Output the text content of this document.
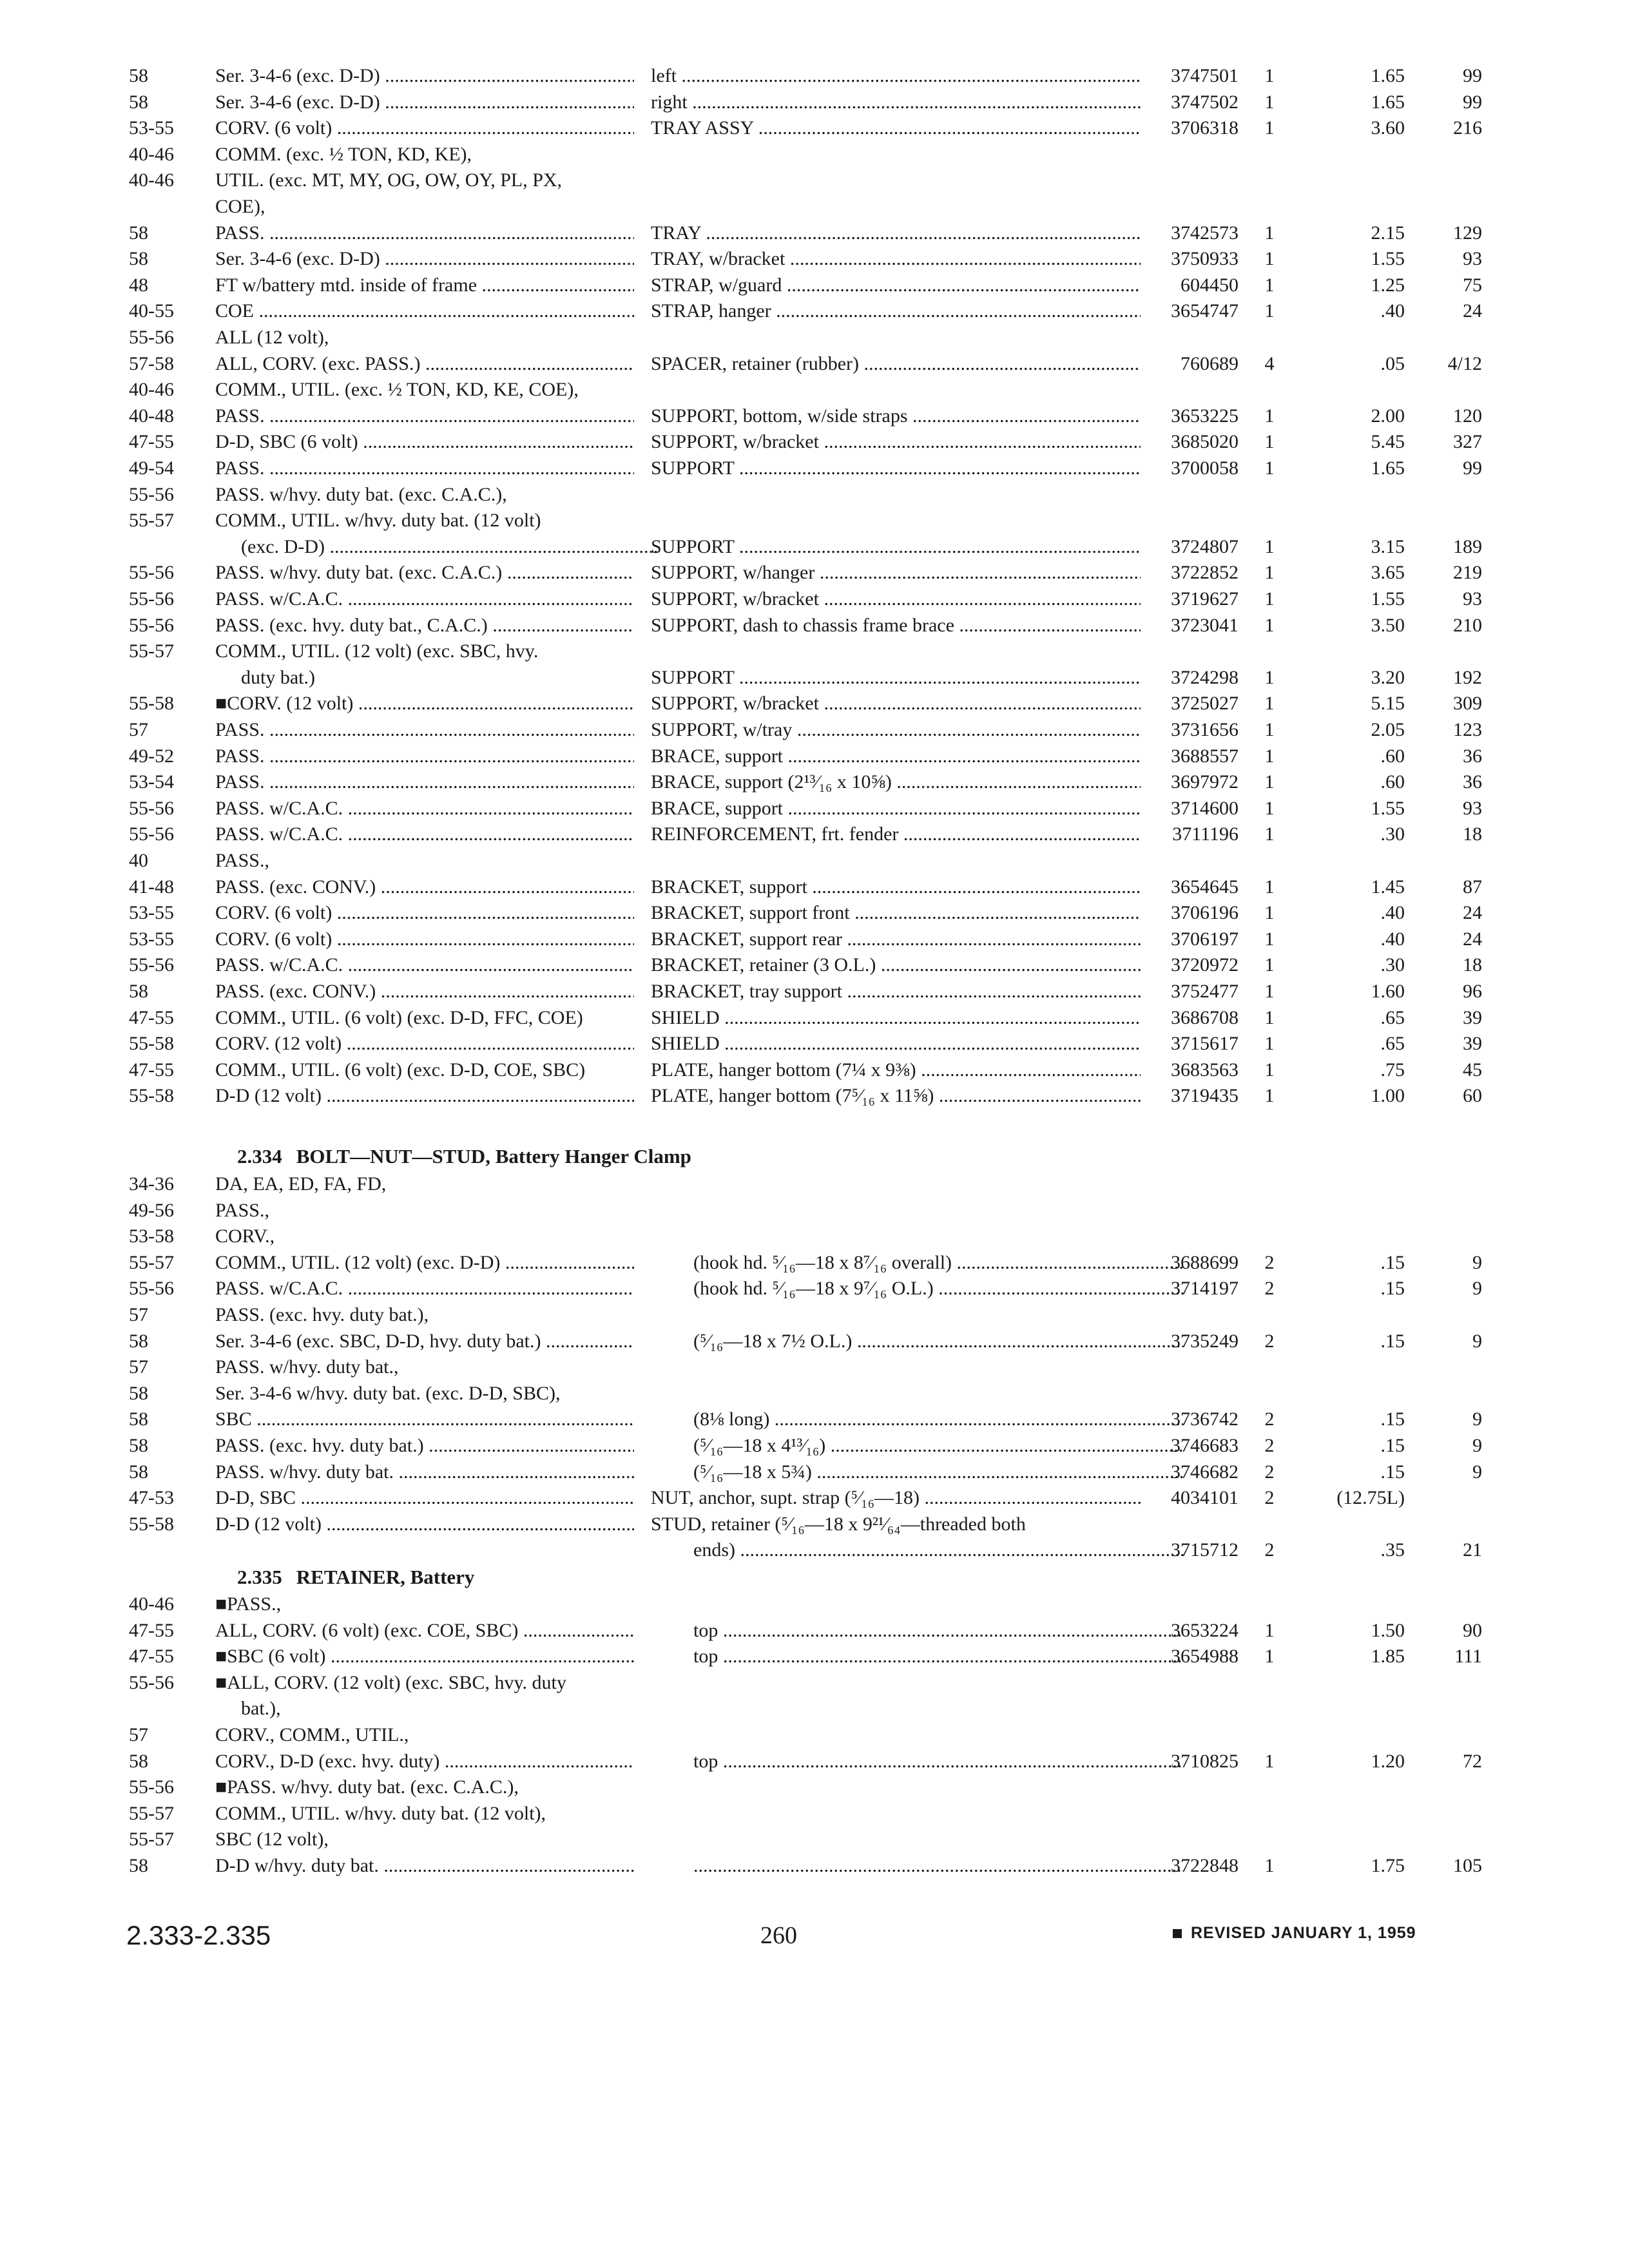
58	Ser. 3-4-6 (exc. D-D) .....	left .....	3747501	1	1.65	99
58	Ser. 3-4-6 (exc. D-D) .....	right .....	3747502	1	1.65	99
53-55	CORV. (6 volt) .....	TRAY ASSY .....	3706318	1	3.60	216
40-46	COMM. (exc. ½ TON, KD, KE),
40-46	UTIL. (exc. MT, MY, OG, OW, OY, PL, PX,
COE),
58	PASS. .....	TRAY .....	3742573	1	2.15	129
58	Ser. 3-4-6 (exc. D-D) .....	TRAY, w/bracket .....	3750933	1	1.55	93
48	FT w/battery mtd. inside of frame .....	STRAP, w/guard .....	604450	1	1.25	75
40-55	COE .....	STRAP, hanger .....	3654747	1	.40	24
55-56	ALL (12 volt),
57-58	ALL, CORV. (exc. PASS.) .....	SPACER, retainer (rubber) .....	760689	4	.05	4/12
40-46	COMM., UTIL. (exc. ½ TON, KD, KE, COE),
40-48	PASS. .....	SUPPORT, bottom, w/side straps .....	3653225	1	2.00	120
47-55	D-D, SBC (6 volt) .....	SUPPORT, w/bracket .....	3685020	1	5.45	327
49-54	PASS. .....	SUPPORT .....	3700058	1	1.65	99
55-56	PASS. w/hvy. duty bat. (exc. C.A.C.),
55-57	COMM., UTIL. w/hvy. duty bat. (12 volt)
(exc. D-D) .....	SUPPORT .....	3724807	1	3.15	189
55-56	PASS. w/hvy. duty bat. (exc. C.A.C.) .....	SUPPORT, w/hanger .....	3722852	1	3.65	219
55-56	PASS. w/C.A.C. .....	SUPPORT, w/bracket .....	3719627	1	1.55	93
55-56	PASS. (exc. hvy. duty bat., C.A.C.) .....	SUPPORT, dash to chassis frame brace .....	3723041	1	3.50	210
55-57	COMM., UTIL. (12 volt) (exc. SBC, hvy.
duty bat.)	SUPPORT .....	3724298	1	3.20	192
55-58	■CORV. (12 volt) .....	SUPPORT, w/bracket .....	3725027	1	5.15	309
57	PASS. .....	SUPPORT, w/tray .....	3731656	1	2.05	123
49-52	PASS. .....	BRACE, support .....	3688557	1	.60	36
53-54	PASS. .....	BRACE, support (2¹³⁄₁₆ x 10⅝) .....	3697972	1	.60	36
55-56	PASS. w/C.A.C. .....	BRACE, support .....	3714600	1	1.55	93
55-56	PASS. w/C.A.C. .....	REINFORCEMENT, frt. fender .....	3711196	1	.30	18
40	PASS.,
41-48	PASS. (exc. CONV.) .....	BRACKET, support .....	3654645	1	1.45	87
53-55	CORV. (6 volt) .....	BRACKET, support front .....	3706196	1	.40	24
53-55	CORV. (6 volt) .....	BRACKET, support rear .....	3706197	1	.40	24
55-56	PASS. w/C.A.C. .....	BRACKET, retainer (3 O.L.) .....	3720972	1	.30	18
58	PASS. (exc. CONV.) .....	BRACKET, tray support .....	3752477	1	1.60	96
47-55	COMM., UTIL. (6 volt) (exc. D-D, FFC, COE)	SHIELD .....	3686708	1	.65	39
55-58	CORV. (12 volt) .....	SHIELD .....	3715617	1	.65	39
47-55	COMM., UTIL. (6 volt) (exc. D-D, COE, SBC)	PLATE, hanger bottom (7¼ x 9⅜) .....	3683563	1	.75	45
55-58	D-D (12 volt) .....	PLATE, hanger bottom (7⁵⁄₁₆ x 11⅝) .....	3719435	1	1.00	60
2.334 BOLT—NUT—STUD, Battery Hanger Clamp
34-36	DA, EA, ED, FA, FD,
49-56	PASS.,
53-58	CORV.,
55-57	COMM., UTIL. (12 volt) (exc. D-D) .....	(hook hd. ⁵⁄₁₆—18 x 8⁷⁄₁₆ overall) .....	3688699	2	.15	9
55-56	PASS. w/C.A.C. .....	(hook hd. ⁵⁄₁₆—18 x 9⁷⁄₁₆ O.L.) .....	3714197	2	.15	9
57	PASS. (exc. hvy. duty bat.),
58	Ser. 3-4-6 (exc. SBC, D-D, hvy. duty bat.) .....	(⁵⁄₁₆—18 x 7½ O.L.) .....	3735249	2	.15	9
57	PASS. w/hvy. duty bat.,
58	Ser. 3-4-6 w/hvy. duty bat. (exc. D-D, SBC),
58	SBC .....	(8⅛ long) .....	3736742	2	.15	9
58	PASS. (exc. hvy. duty bat.) .....	(⁵⁄₁₆—18 x 4¹³⁄₁₆) .....	3746683	2	.15	9
58	PASS. w/hvy. duty bat. .....	(⁵⁄₁₆—18 x 5¾) .....	3746682	2	.15	9
47-53	D-D, SBC .....	NUT, anchor, supt. strap (⁵⁄₁₆—18) .....	4034101	2	(12.75L)
55-58	D-D (12 volt) .....	STUD, retainer (⁵⁄₁₆—18 x 9²¹⁄₆₄—threaded both
ends) .....	3715712	2	.35	21
2.335 RETAINER, Battery
40-46	■PASS.,
47-55	ALL, CORV. (6 volt) (exc. COE, SBC) .....	top .....	3653224	1	1.50	90
47-55	■SBC (6 volt) .....	top .....	3654988	1	1.85	111
55-56	■ALL, CORV. (12 volt) (exc. SBC, hvy. duty
bat.),
57	CORV., COMM., UTIL.,
58	CORV., D-D (exc. hvy. duty) .....	top .....	3710825	1	1.20	72
55-56	■PASS. w/hvy. duty bat. (exc. C.A.C.),
55-57	COMM., UTIL. w/hvy. duty bat. (12 volt),
55-57	SBC (12 volt),
58	D-D w/hvy. duty bat. .....
.....	3722848	1	1.75	105
2.333-2.335	260	REVISED JANUARY 1, 1959
